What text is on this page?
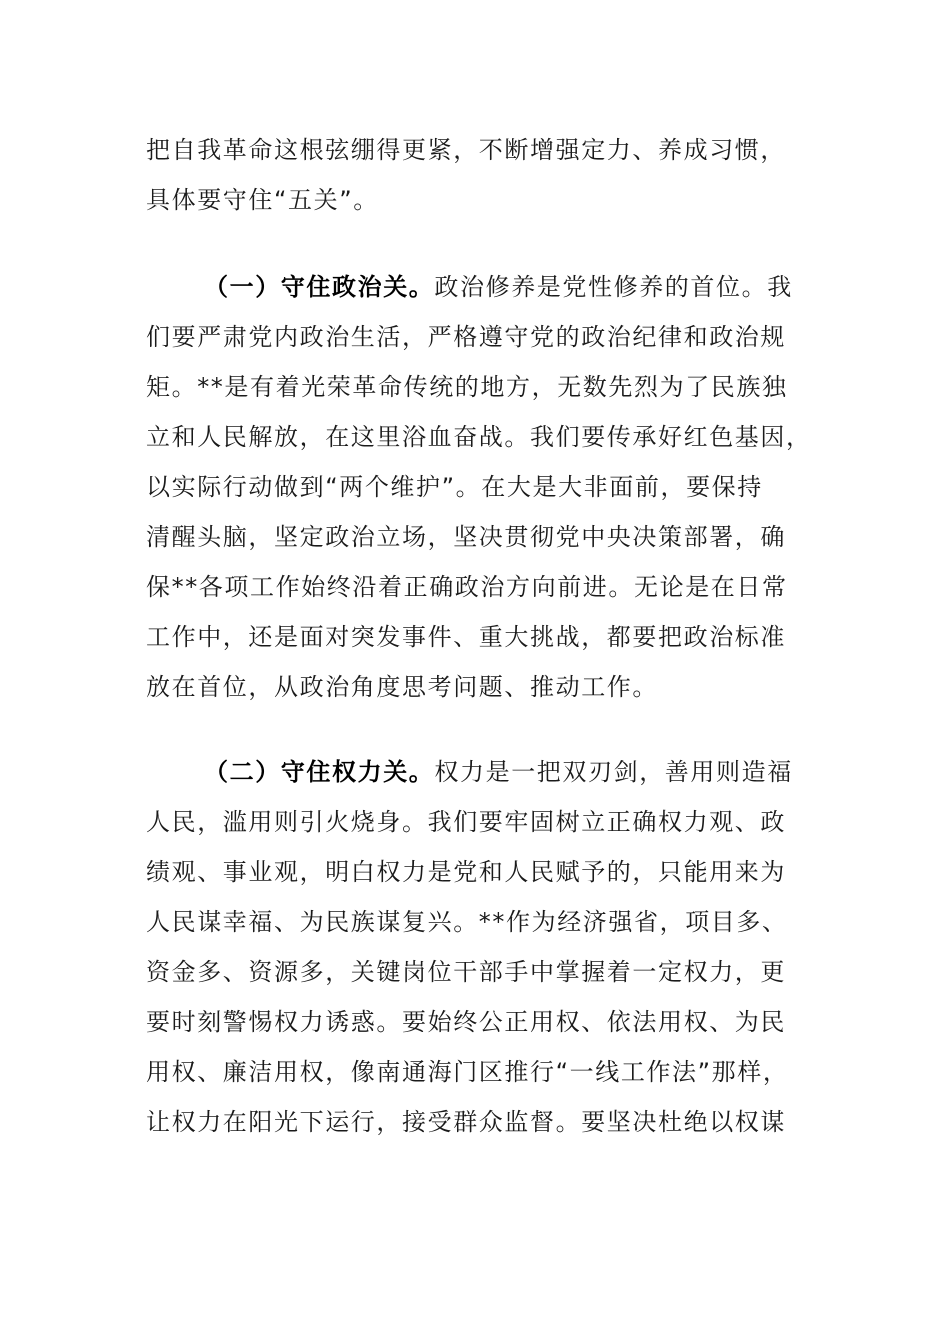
把自我革命这根弦绷得更紧，不断增强定力、养成习惯，
具体要守住“五关”。
（一）守住政治关。政治修养是党性修养的首位。我
们要严肃党内政治生活，严格遵守党的政治纪律和政治规
矩。**是有着光荣革命传统的地方，无数先烈为了民族独
立和人民解放，在这里浴血奋战。我们要传承好红色基因，
以实际行动做到“两个维护”。在大是大非面前，要保持
清醒头脑，坚定政治立场，坚决贯彻党中央决策部署，确
保**各项工作始终沿着正确政治方向前进。无论是在日常
工作中，还是面对突发事件、重大挑战，都要把政治标准
放在首位，从政治角度思考问题、推动工作。
（二）守住权力关。权力是一把双刃剑，善用则造福
人民，滥用则引火烧身。我们要牢固树立正确权力观、政
绩观、事业观，明白权力是党和人民赋予的，只能用来为
人民谋幸福、为民族谋复兴。**作为经济强省，项目多、
资金多、资源多，关键岗位干部手中掌握着一定权力，更
要时刻警惕权力诱惑。要始终公正用权、依法用权、为民
用权、廉洁用权，像南通海门区推行“一线工作法”那样，
让权力在阳光下运行，接受群众监督。要坚决杜绝以权谋
